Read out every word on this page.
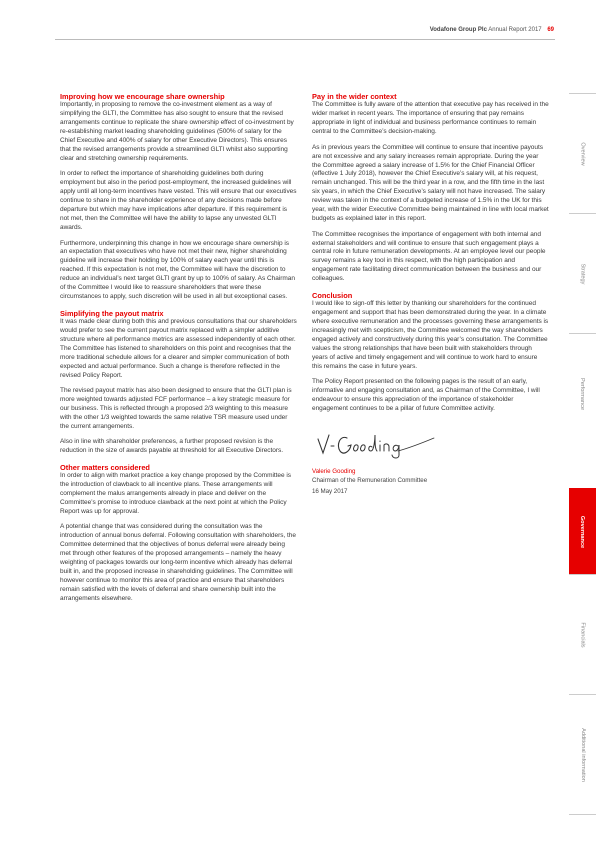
Vodafone Group Plc Annual Report 2017 69
Improving how we encourage share ownership

Importantly, in proposing to remove the co-investment element as a way of simplifying the GLTI, the Committee has also sought to ensure that the revised arrangements continue to replicate the share ownership effect of co-investment by re-establishing market leading shareholding guidelines (500% of salary for the Chief Executive and 400% of salary for other Executive Directors). This ensures that the revised arrangements provide a streamlined GLTI whilst also supporting clear and stretching ownership requirements.

In order to reflect the importance of shareholding guidelines both during employment but also in the period post-employment, the increased guidelines will apply until all long-term incentives have vested. This will ensure that our executives continue to share in the shareholder experience of any decisions made before departure but which may have implications after departure. If this requirement is not met, then the Committee will have the ability to lapse any unvested GLTI awards.

Furthermore, underpinning this change in how we encourage share ownership is an expectation that executives who have not met their new, higher shareholding guideline will increase their holding by 100% of salary each year until this is reached. If this expectation is not met, the Committee will have the discretion to reduce an individual’s next target GLTI grant by up to 100% of salary. As Chairman of the Committee I would like to reassure shareholders that were these circumstances to apply, such discretion will be used in all but exceptional cases.

Simplifying the payout matrix

It was made clear during both this and previous consultations that our shareholders would prefer to see the current payout matrix replaced with a simpler additive structure where all performance metrics are assessed independently of each other. The Committee has listened to shareholders on this point and recognises that the more traditional schedule allows for a clearer and simpler communication of both expected and actual performance. Such a change is therefore reflected in the revised Policy Report.

The revised payout matrix has also been designed to ensure that the GLTI plan is more weighted towards adjusted FCF performance – a key strategic measure for our business. This is reflected through a proposed 2/3 weighting to this measure with the other 1/3 weighted towards the same relative TSR measure used under the current arrangements.

Also in line with shareholder preferences, a further proposed revision is the reduction in the size of awards payable at threshold for all Executive Directors.

Other matters considered

In order to align with market practice a key change proposed by the Committee is the introduction of clawback to all incentive plans. These arrangements will complement the malus arrangements already in place and deliver on the Committee’s promise to introduce clawback at the next point at which the Policy Report was up for approval.

A potential change that was considered during the consultation was the introduction of annual bonus deferral. Following consultation with shareholders, the Committee determined that the objectives of bonus deferral were already being met through other features of the proposed arrangements – namely the heavy weighting of packages towards our long-term incentive which already has deferral built in, and the proposed increase in shareholding guidelines. The Committee will however continue to monitor this area of practice and ensure that shareholders remain satisfied with the levels of deferral and share ownership built into the arrangements elsewhere.

Pay in the wider context

The Committee is fully aware of the attention that executive pay has received in the wider market in recent years. The importance of ensuring that pay remains appropriate in light of individual and business performance continues to remain central to the Committee’s decision-making.

As in previous years the Committee will continue to ensure that incentive payouts are not excessive and any salary increases remain appropriate. During the year the Committee agreed a salary increase of 1.5% for the Chief Financial Officer (effective 1 July 2018), however the Chief Executive’s salary will, at his request, remain unchanged. This will be the third year in a row, and the fifth time in the last six years, in which the Chief Executive’s salary will not have increased. The salary review was taken in the context of a budgeted increase of 1.5% in the UK for this year, with the wider Executive Committee being maintained in line with local market budgets as explained later in this report.

The Committee recognises the importance of engagement with both internal and external stakeholders and will continue to ensure that such engagement plays a central role in future remuneration developments. At an employee level our people survey remains a key tool in this respect, with the high participation and engagement rate facilitating direct communication between the business and our colleagues.

Conclusion

I would like to sign-off this letter by thanking our shareholders for the continued engagement and support that has been demonstrated during the year. In a climate where executive remuneration and the processes governing these arrangements is increasingly met with scepticism, the Committee welcomed the way shareholders engaged actively and constructively during this year’s consultation. The Committee values the strong relationships that have been built with stakeholders through years of active and timely engagement and will continue to work hard to ensure this remains the case in future years.

The Policy Report presented on the following pages is the result of an early, informative and engaging consultation and, as Chairman of the Committee, I will endeavour to ensure this appreciation of the importance of stakeholder engagement continues to be a pillar of future Committee activity.

Valerie Gooding

Chairman of the Remuneration Committee

16 May 2017

Overview
Strategy
Performance
Governance
Financials
Additional information
